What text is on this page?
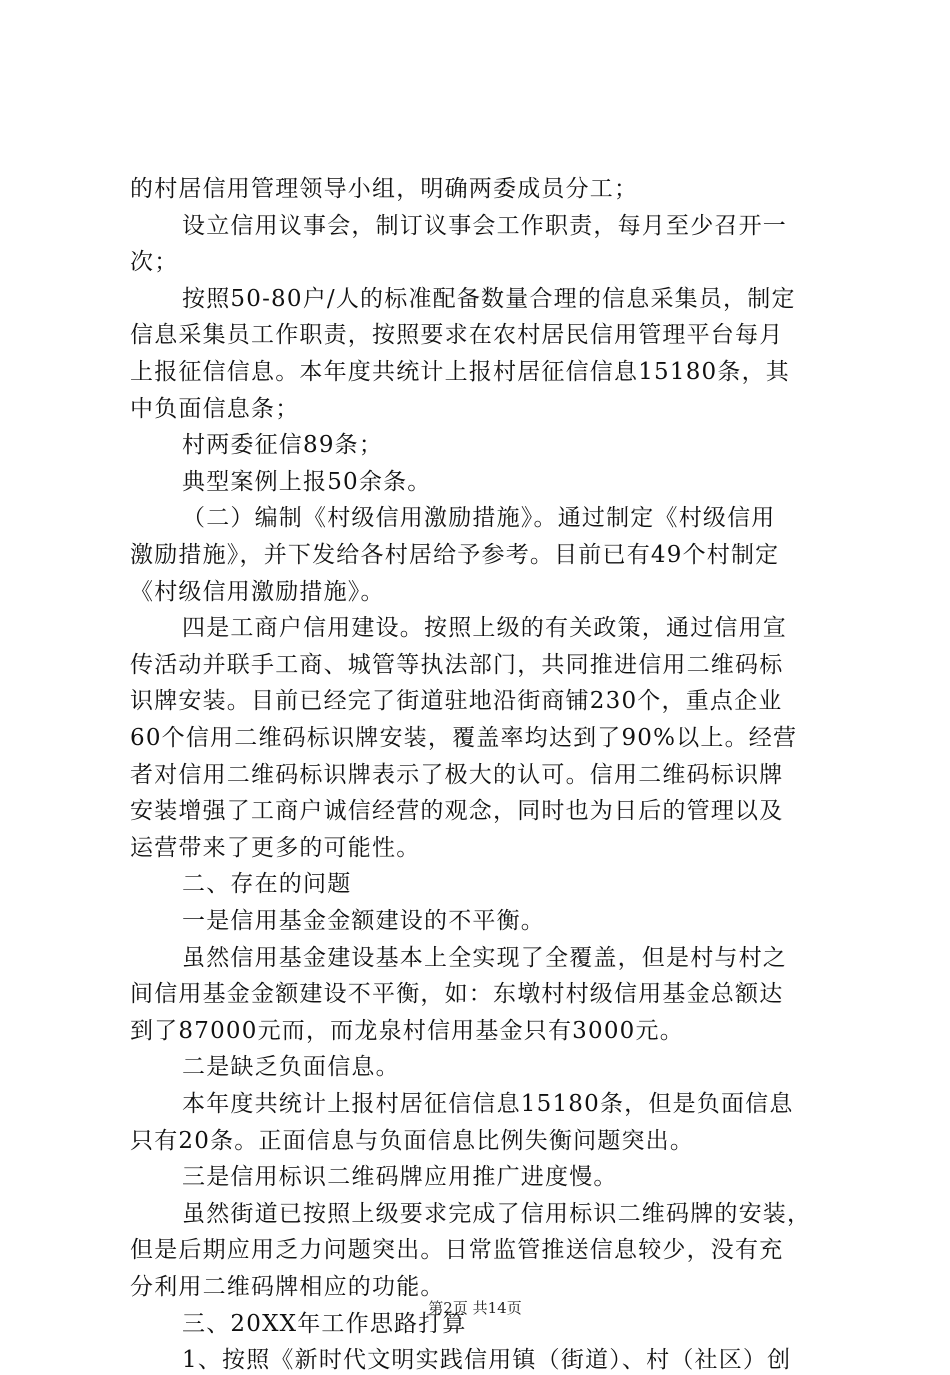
的村居信用管理领导小组，明确两委成员分工；
设立信用议事会，制订议事会工作职责，每月至少召开一
次；
按照50-80户/人的标准配备数量合理的信息采集员，制定
信息采集员工作职责，按照要求在农村居民信用管理平台每月
上报征信信息。本年度共统计上报村居征信信息15180条，其
中负面信息条；
村两委征信89条；
典型案例上报50余条。
（二）编制《村级信用激励措施》。通过制定《村级信用
激励措施》，并下发给各村居给予参考。目前已有49个村制定
《村级信用激励措施》。
四是工商户信用建设。按照上级的有关政策，通过信用宣
传活动并联手工商、城管等执法部门，共同推进信用二维码标
识牌安装。目前已经完了街道驻地沿街商铺230个，重点企业
60个信用二维码标识牌安装，覆盖率均达到了90%以上。经营
者对信用二维码标识牌表示了极大的认可。信用二维码标识牌
安装增强了工商户诚信经营的观念，同时也为日后的管理以及
运营带来了更多的可能性。
二、存在的问题
一是信用基金金额建设的不平衡。
虽然信用基金建设基本上全实现了全覆盖，但是村与村之
间信用基金金额建设不平衡，如：东墩村村级信用基金总额达
到了87000元而，而龙泉村信用基金只有3000元。
二是缺乏负面信息。
本年度共统计上报村居征信信息15180条，但是负面信息
只有20条。正面信息与负面信息比例失衡问题突出。
三是信用标识二维码牌应用推广进度慢。
虽然街道已按照上级要求完成了信用标识二维码牌的安装，
但是后期应用乏力问题突出。日常监管推送信息较少，没有充
分利用二维码牌相应的功能。
三、20XX年工作思路打算
1、按照《新时代文明实践信用镇（街道）、村（社区）创
第2页 共14页
